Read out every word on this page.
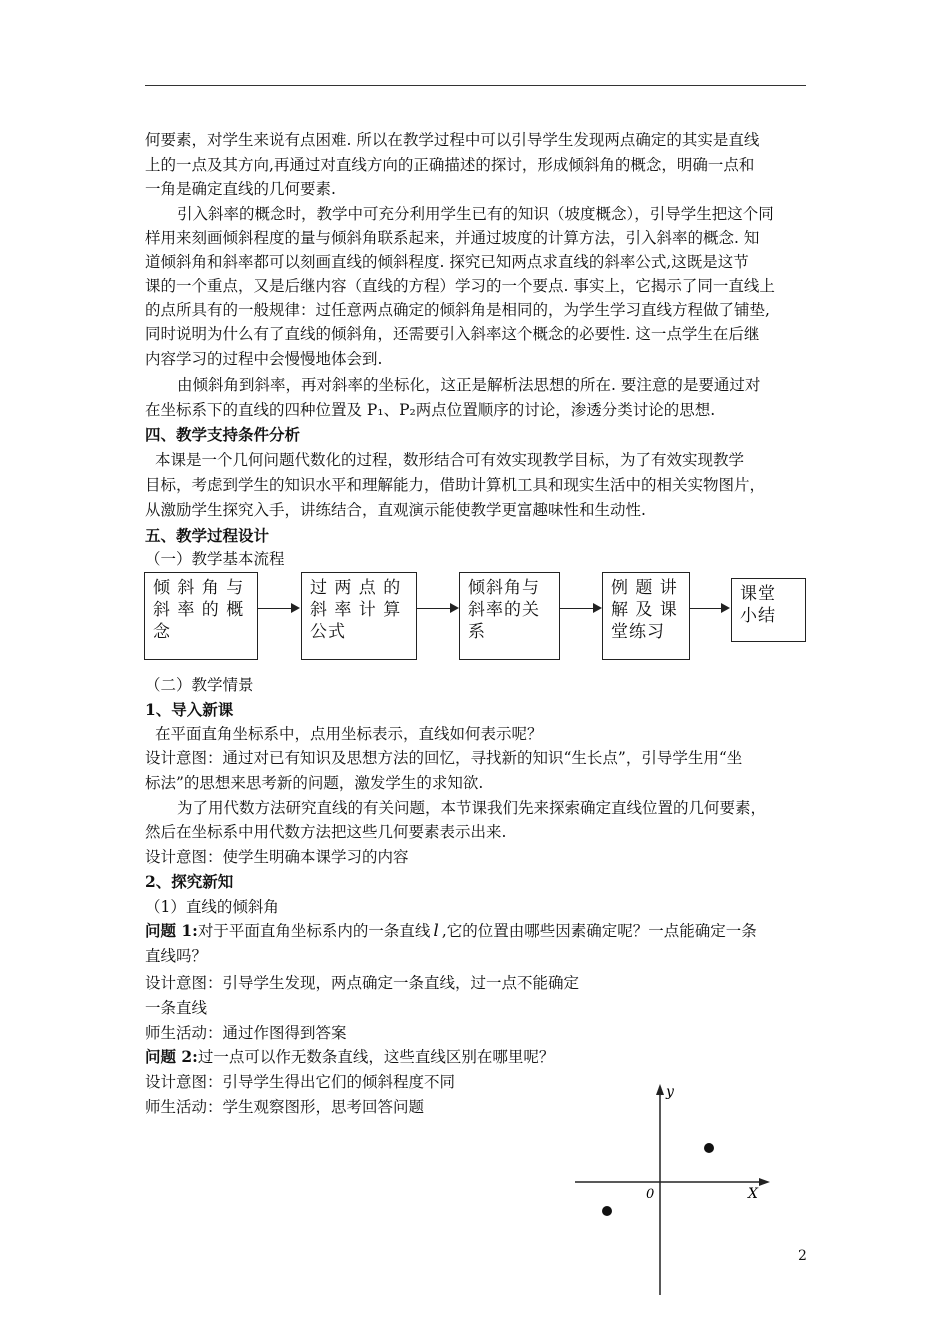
何要素，对学生来说有点困难. 所以在教学过程中可以引导学生发现两点确定的其实是直线
上的一点及其方向,再通过对直线方向的正确描述的探讨，形成倾斜角的概念，明确一点和
一角是确定直线的几何要素.
引入斜率的概念时，教学中可充分利用学生已有的知识（坡度概念），引导学生把这个同
样用来刻画倾斜程度的量与倾斜角联系起来，并通过坡度的计算方法，引入斜率的概念. 知
道倾斜角和斜率都可以刻画直线的倾斜程度. 探究已知两点求直线的斜率公式,这既是这节
课的一个重点，又是后继内容（直线的方程）学习的一个要点. 事实上，它揭示了同一直线上
的点所具有的一般规律：过任意两点确定的倾斜角是相同的，为学生学习直线方程做了铺垫,
同时说明为什么有了直线的倾斜角，还需要引入斜率这个概念的必要性. 这一点学生在后继
内容学习的过程中会慢慢地体会到.
由倾斜角到斜率，再对斜率的坐标化，这正是解析法思想的所在. 要注意的是要通过对
在坐标系下的直线的四种位置及 P₁、P₂两点位置顺序的讨论，渗透分类讨论的思想.
四、教学支持条件分析
本课是一个几何问题代数化的过程，数形结合可有效实现教学目标，为了有效实现教学
目标，考虑到学生的知识水平和理解能力，借助计算机工具和现实生活中的相关实物图片，
从激励学生探究入手，讲练结合，直观演示能使教学更富趣味性和生动性.
五、教学过程设计
（一）教学基本流程
倾 斜 角 与
斜 率 的 概
念
过 两 点 的
斜 率 计 算
公式
倾斜角与
斜率的关
系
例 题 讲
解 及 课
堂练习
课堂
小结
（二）教学情景
1、导入新课
在平面直角坐标系中，点用坐标表示，直线如何表示呢？
设计意图：通过对已有知识及思想方法的回忆，寻找新的知识“生长点”，引导学生用“坐
标法”的思想来思考新的问题，激发学生的求知欲.
为了用代数方法研究直线的有关问题，本节课我们先来探索确定直线位置的几何要素，
然后在坐标系中用代数方法把这些几何要素表示出来.
设计意图：使学生明确本课学习的内容
2、探究新知
（1）直线的倾斜角
问题 1:对于平面直角坐标系内的一条直线 l ,它的位置由哪些因素确定呢？一点能确定一条
直线吗？
设计意图：引导学生发现，两点确定一条直线，过一点不能确定
一条直线
师生活动：通过作图得到答案
问题 2:过一点可以作无数条直线，这些直线区别在哪里呢？
设计意图：引导学生得出它们的倾斜程度不同
师生活动：学生观察图形，思考回答问题
X
y
0
2
